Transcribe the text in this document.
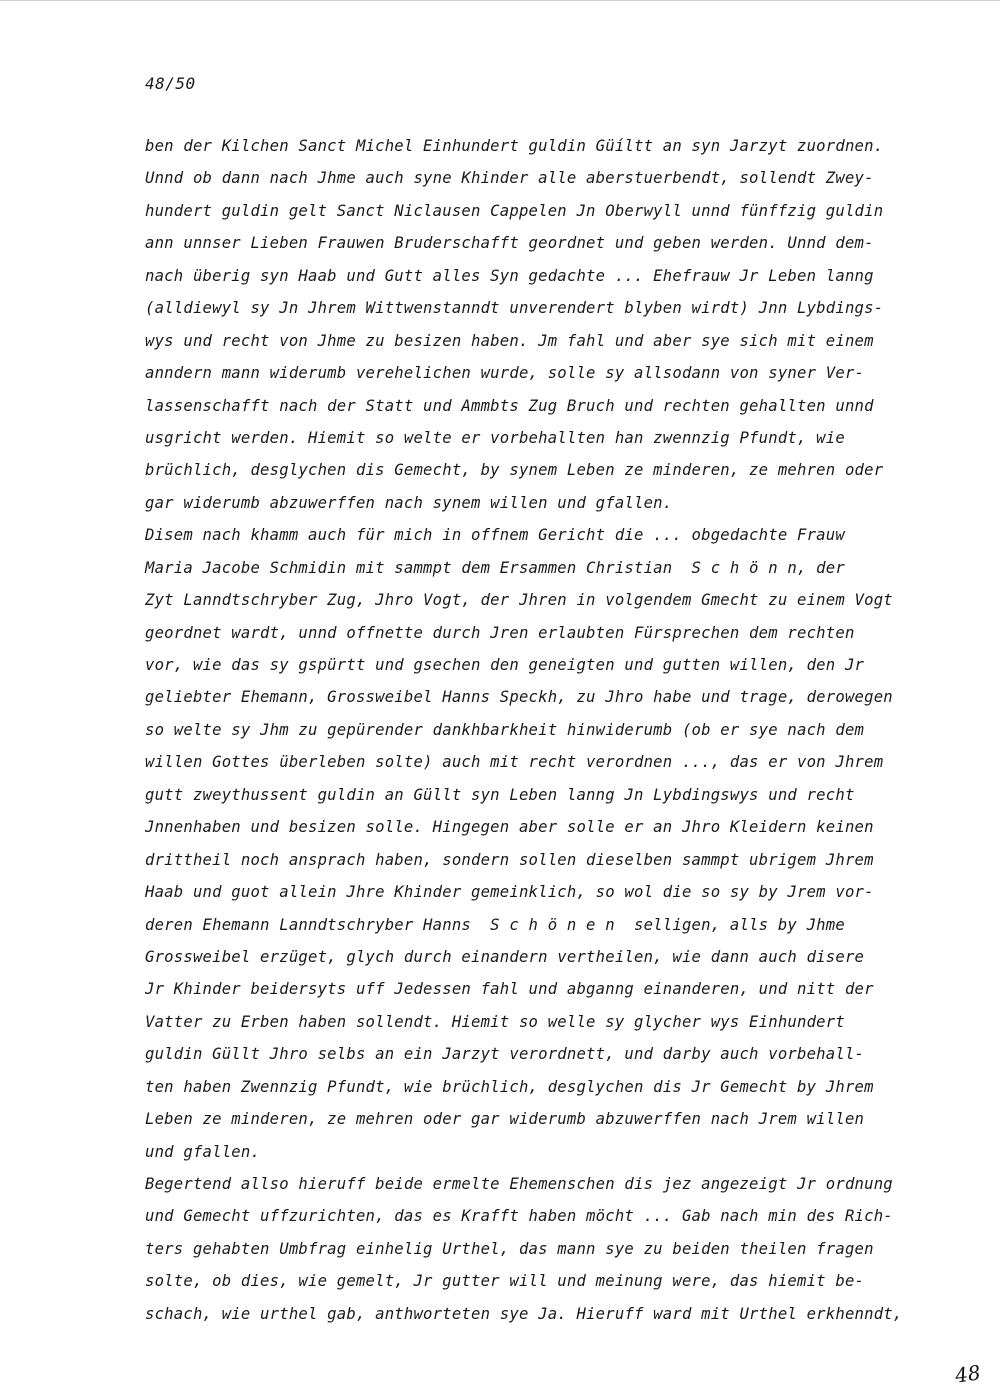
48/50
ben der Kilchen Sanct Michel Einhundert guldin Güíltt an syn Jarzyt zuordnen.
Unnd ob dann nach Jhme auch syne Khinder alle aberstuerbendt, sollendt Zwey-
hundert guldin gelt Sanct Niclausen Cappelen Jn Oberwyll unnd fünffzig guldin
ann unnser Lieben Frauwen Bruderschafft geordnet und geben werden. Unnd dem-
nach überig syn Haab und Gutt alles Syn gedachte ... Ehefrauw Jr Leben lanng
(alldiewyl sy Jn Jhrem Wittwenstanndt unverendert blyben wirdt) Jnn Lybdings-
wys und recht von Jhme zu besizen haben. Jm fahl und aber sye sich mit einem
anndern mann widerumb verehelichen wurde, solle sy allsodann von syner Ver-
lassenschafft nach der Statt und Ammbts Zug Bruch und rechten gehallten unnd
usgricht werden. Hiemit so welte er vorbehallten han zwennzig Pfundt, wie
brüchlich, desglychen dis Gemecht, by synem Leben ze minderen, ze mehren oder
gar widerumb abzuwerffen nach synem willen und gfallen.
Disem nach khamm auch für mich in offnem Gericht die ... obgedachte Frauw
Maria Jacobe Schmidin mit sammpt dem Ersammen Christian  S c h ö n n, der
Zyt Lanndtschryber Zug, Jhro Vogt, der Jhren in volgendem Gmecht zu einem Vogt
geordnet wardt, unnd offnette durch Jren erlaubten Fürsprechen dem rechten
vor, wie das sy gspürtt und gsechen den geneigten und gutten willen, den Jr
geliebter Ehemann, Grossweibel Hanns Speckh, zu Jhro habe und trage, derowegen
so welte sy Jhm zu gepürender dankhbarkheit hinwiderumb (ob er sye nach dem
willen Gottes überleben solte) auch mit recht verordnen ..., das er von Jhrem
gutt zweythussent guldin an Güllt syn Leben lanng Jn Lybdingswys und recht
Jnnenhaben und besizen solle. Hingegen aber solle er an Jhro Kleidern keinen
drittheil noch ansprach haben, sondern sollen dieselben sammpt ubrigem Jhrem
Haab und guot allein Jhre Khinder gemeinklich, so wol die so sy by Jrem vor-
deren Ehemann Lanndtschryber Hanns  S c h ö n e n  selligen, alls by Jhme
Grossweibel erzüget, glych durch einandern vertheilen, wie dann auch disere
Jr Khinder beidersyts uff Jedessen fahl und abganng einanderen, und nitt der
Vatter zu Erben haben sollendt. Hiemit so welle sy glycher wys Einhundert
guldin Güllt Jhro selbs an ein Jarzyt verordnett, und darby auch vorbehall-
ten haben Zwennzig Pfundt, wie brüchlich, desglychen dis Jr Gemecht by Jhrem
Leben ze minderen, ze mehren oder gar widerumb abzuwerffen nach Jrem willen
und gfallen.
Begertend allso hieruff beide ermelte Ehemenschen dis jez angezeigt Jr ordnung
und Gemecht uffzurichten, das es Krafft haben möcht ... Gab nach min des Rich-
ters gehabten Umbfrag einhelig Urthel, das mann sye zu beiden theilen fragen
solte, ob dies, wie gemelt, Jr gutter will und meinung were, das hiemit be-
schach, wie urthel gab, anthworteten sye Ja. Hieruff ward mit Urthel erkhenndt,
48
